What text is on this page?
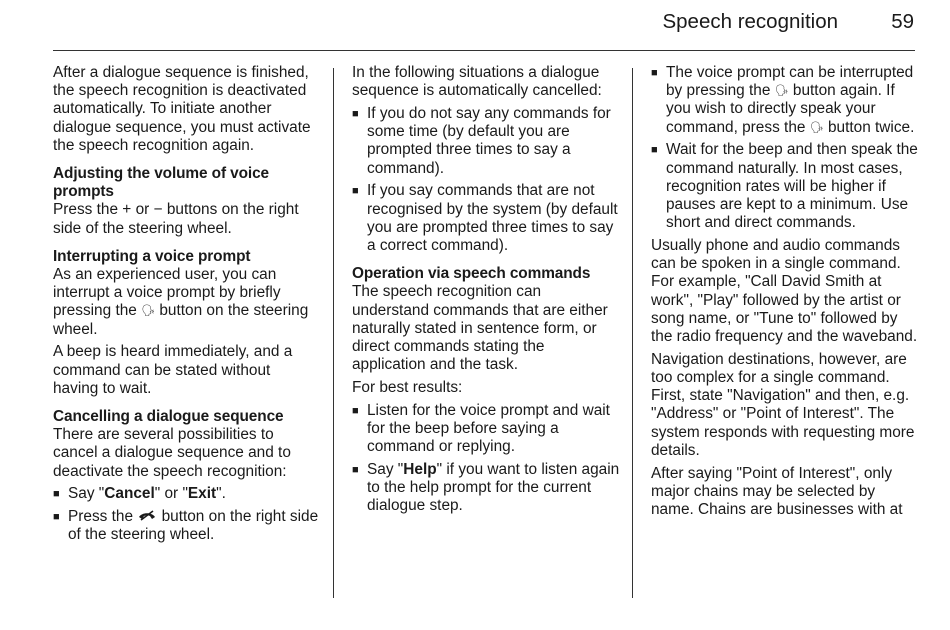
Speech recognition	59

After a dialogue sequence is finished, the speech recognition is deactivated automatically. To initiate another dialogue sequence, you must activate the speech recognition again.

Adjusting the volume of voice prompts

Press the + or − buttons on the right side of the steering wheel.

Interrupting a voice prompt

As an experienced user, you can interrupt a voice prompt by briefly pressing the 🗣︎ button on the steering wheel.

A beep is heard immediately, and a command can be stated without having to wait.

Cancelling a dialogue sequence

There are several possibilities to cancel a dialogue sequence and to deactivate the speech recognition:

■ Say "Cancel" or "Exit".
■ Press the  button on the right side of the steering wheel.

In the following situations a dialogue sequence is automatically cancelled:

■ If you do not say any commands for some time (by default you are prompted three times to say a command).
■ If you say commands that are not recognised by the system (by default you are prompted three times to say a correct command).

Operation via speech commands

The speech recognition can understand commands that are either naturally stated in sentence form, or direct commands stating the application and the task.

For best results:

■ Listen for the voice prompt and wait for the beep before saying a command or replying.
■ Say "Help" if you want to listen again to the help prompt for the current dialogue step.
■ The voice prompt can be interrupted by pressing the 🗣︎ button again. If you wish to directly speak your command, press the 🗣︎ button twice.
■ Wait for the beep and then speak the command naturally. In most cases, recognition rates will be higher if pauses are kept to a minimum. Use short and direct commands.

Usually phone and audio commands can be spoken in a single command. For example, "Call David Smith at work", "Play" followed by the artist or song name, or "Tune to" followed by the radio frequency and the waveband.

Navigation destinations, however, are too complex for a single command. First, state "Navigation" and then, e.g. "Address" or "Point of Interest". The system responds with requesting more details.

After saying "Point of Interest", only major chains may be selected by name. Chains are businesses with at
